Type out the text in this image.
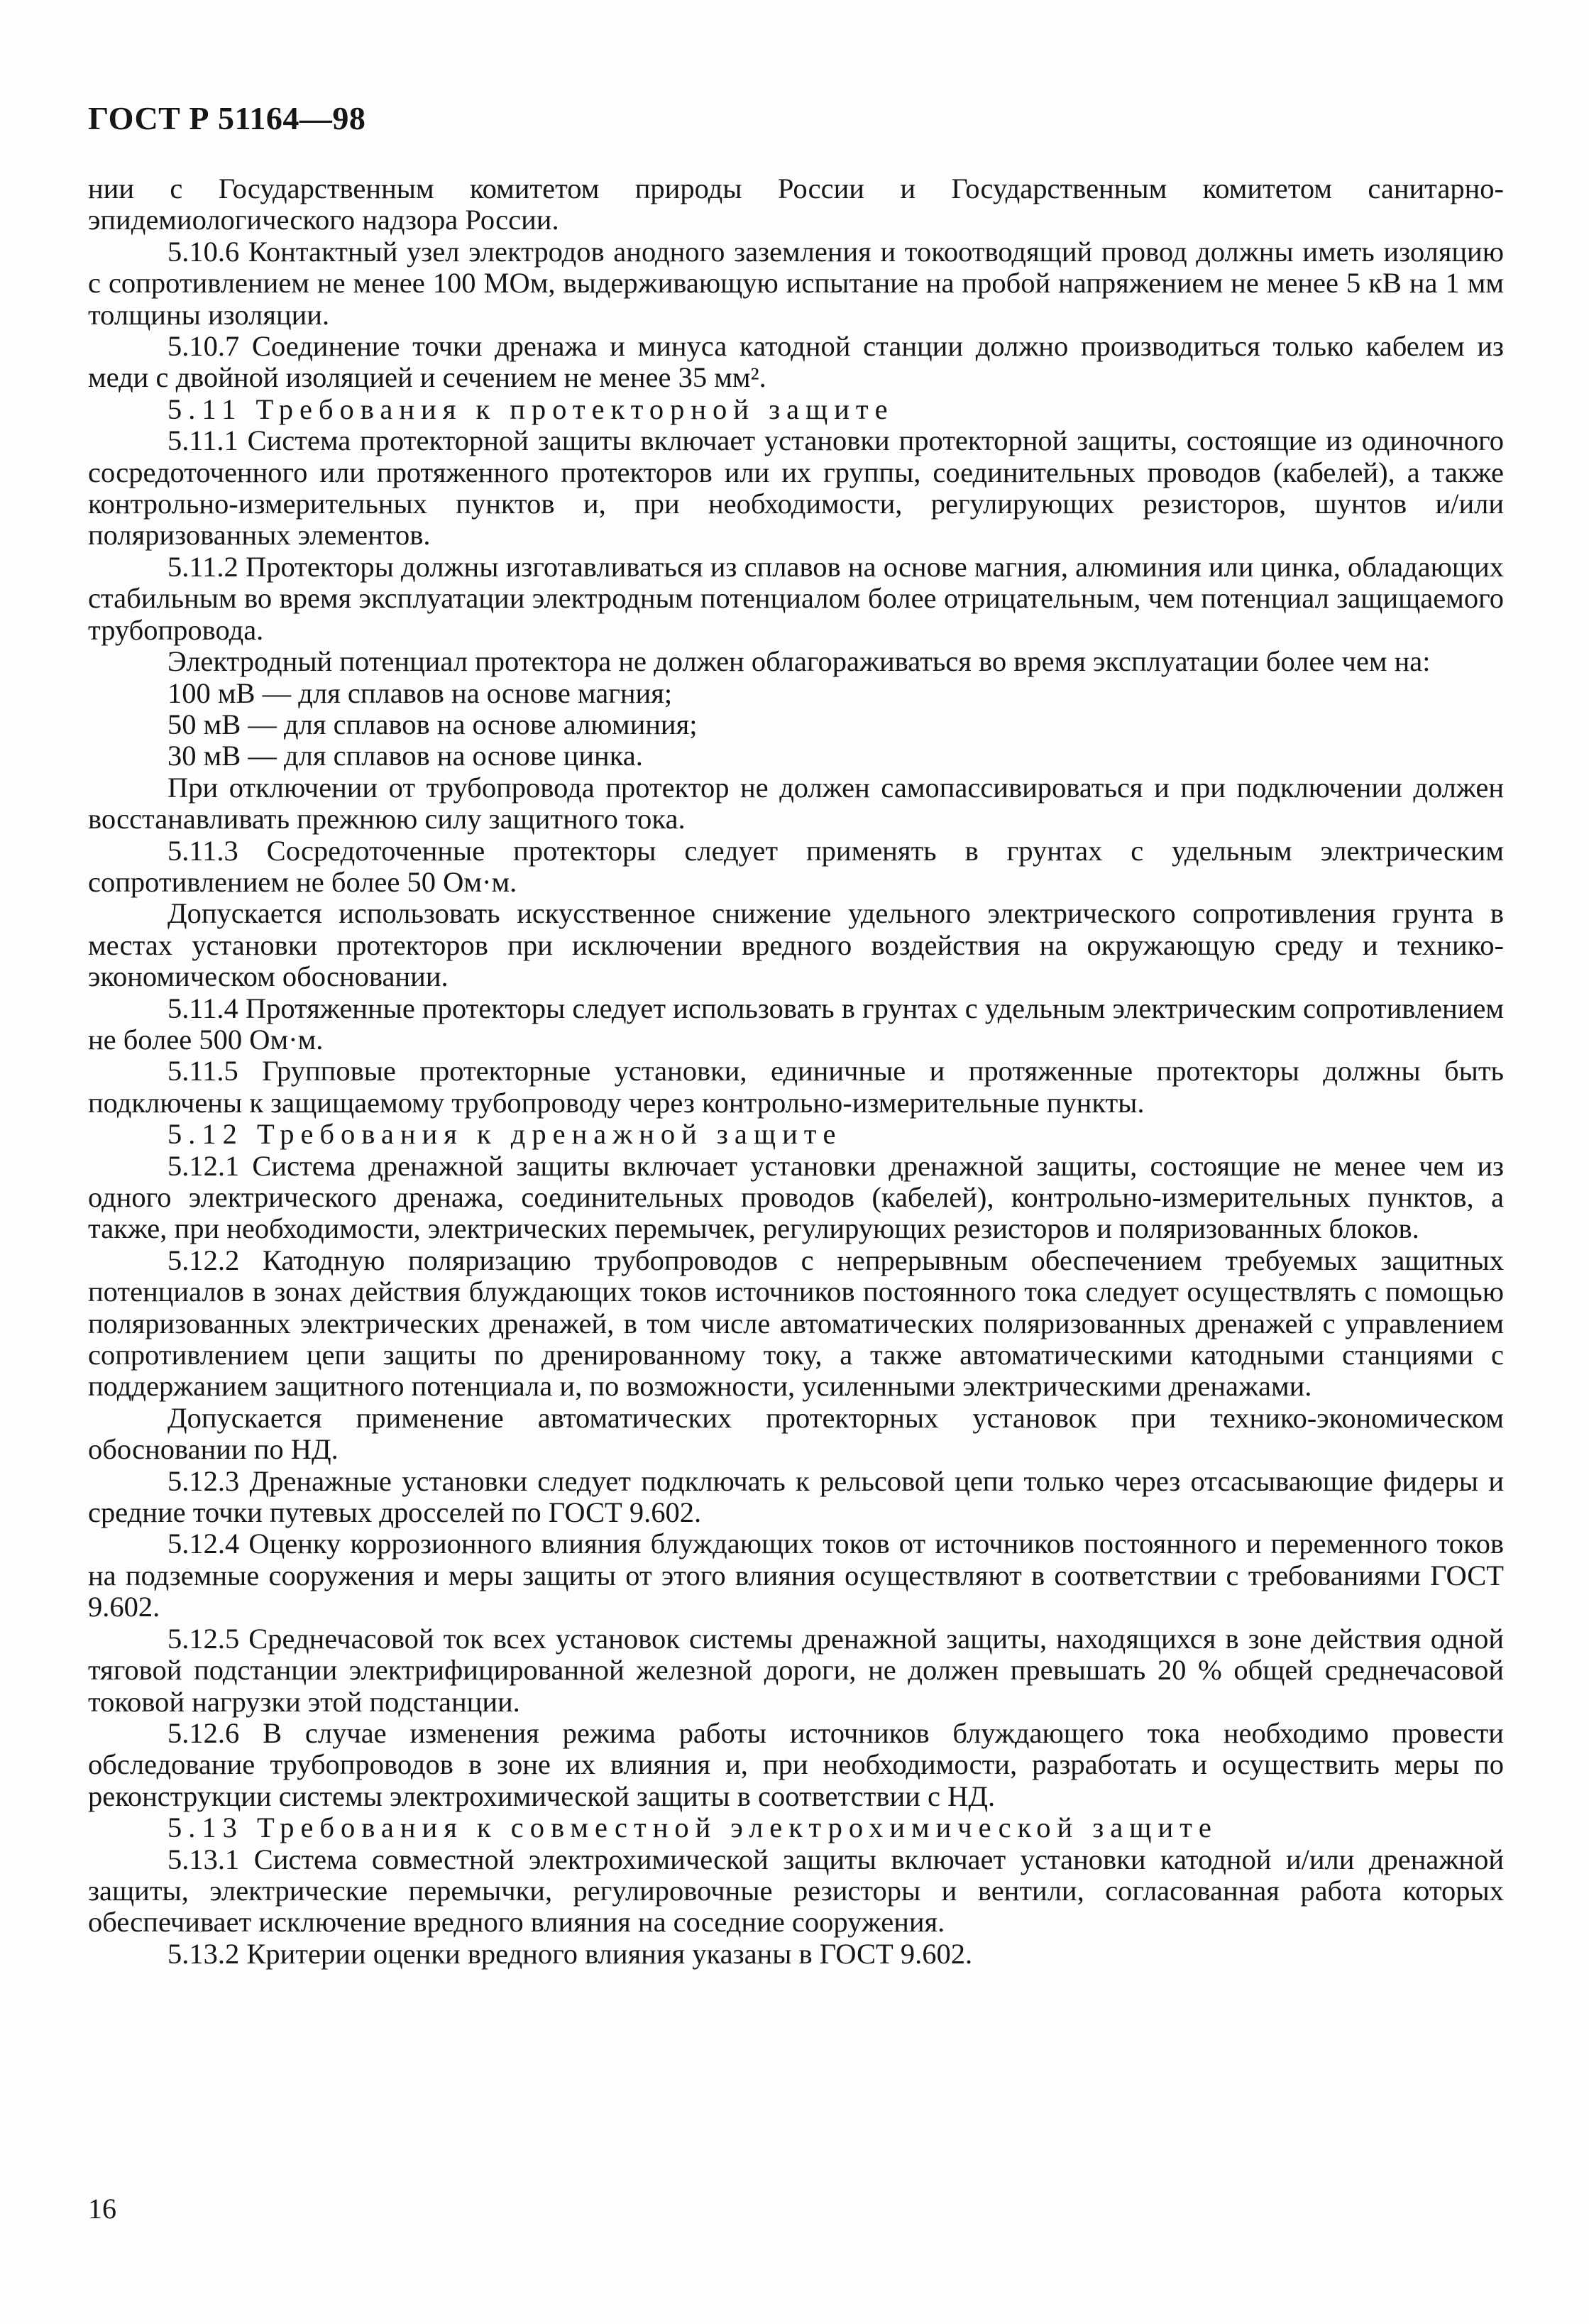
ГОСТ Р 51164—98

нии с Государственным комитетом природы России и Государственным комитетом санитарно-эпидемиологического надзора России.

5.10.6 Контактный узел электродов анодного заземления и токоотводящий провод должны иметь изоляцию с сопротивлением не менее 100 МОм, выдерживающую испытание на пробой напряжением не менее 5 кВ на 1 мм толщины изоляции.

5.10.7 Соединение точки дренажа и минуса катодной станции должно производиться только кабелем из меди с двойной изоляцией и сечением не менее 35 мм².

5.11 Требования к протекторной защите

5.11.1 Система протекторной защиты включает установки протекторной защиты, состоящие из одиночного сосредоточенного или протяженного протекторов или их группы, соединительных проводов (кабелей), а также контрольно-измерительных пунктов и, при необходимости, регулирующих резисторов, шунтов и/или поляризованных элементов.

5.11.2 Протекторы должны изготавливаться из сплавов на основе магния, алюминия или цинка, обладающих стабильным во время эксплуатации электродным потенциалом более отрицательным, чем потенциал защищаемого трубопровода.

Электродный потенциал протектора не должен облагораживаться во время эксплуатации более чем на:

100 мВ — для сплавов на основе магния;

50 мВ — для сплавов на основе алюминия;

30 мВ — для сплавов на основе цинка.

При отключении от трубопровода протектор не должен самопассивироваться и при подключении должен восстанавливать прежнюю силу защитного тока.

5.11.3 Сосредоточенные протекторы следует применять в грунтах с удельным электрическим сопротивлением не более 50 Ом·м.

Допускается использовать искусственное снижение удельного электрического сопротивления грунта в местах установки протекторов при исключении вредного воздействия на окружающую среду и технико-экономическом обосновании.

5.11.4 Протяженные протекторы следует использовать в грунтах с удельным электрическим сопротивлением не более 500 Ом·м.

5.11.5 Групповые протекторные установки, единичные и протяженные протекторы должны быть подключены к защищаемому трубопроводу через контрольно-измерительные пункты.

5.12 Требования к дренажной защите

5.12.1 Система дренажной защиты включает установки дренажной защиты, состоящие не менее чем из одного электрического дренажа, соединительных проводов (кабелей), контрольно-измерительных пунктов, а также, при необходимости, электрических перемычек, регулирующих резисторов и поляризованных блоков.

5.12.2 Катодную поляризацию трубопроводов с непрерывным обеспечением требуемых защитных потенциалов в зонах действия блуждающих токов источников постоянного тока следует осуществлять с помощью поляризованных электрических дренажей, в том числе автоматических поляризованных дренажей с управлением сопротивлением цепи защиты по дренированному току, а также автоматическими катодными станциями с поддержанием защитного потенциала и, по возможности, усиленными электрическими дренажами.

Допускается применение автоматических протекторных установок при технико-экономическом обосновании по НД.

5.12.3 Дренажные установки следует подключать к рельсовой цепи только через отсасывающие фидеры и средние точки путевых дросселей по ГОСТ 9.602.

5.12.4 Оценку коррозионного влияния блуждающих токов от источников постоянного и переменного токов на подземные сооружения и меры защиты от этого влияния осуществляют в соответствии с требованиями ГОСТ 9.602.

5.12.5 Среднечасовой ток всех установок системы дренажной защиты, находящихся в зоне действия одной тяговой подстанции электрифицированной железной дороги, не должен превышать 20 % общей среднечасовой токовой нагрузки этой подстанции.

5.12.6 В случае изменения режима работы источников блуждающего тока необходимо провести обследование трубопроводов в зоне их влияния и, при необходимости, разработать и осуществить меры по реконструкции системы электрохимической защиты в соответствии с НД.

5.13 Требования к совместной электрохимической защите

5.13.1 Система совместной электрохимической защиты включает установки катодной и/или дренажной защиты, электрические перемычки, регулировочные резисторы и вентили, согласованная работа которых обеспечивает исключение вредного влияния на соседние сооружения.

5.13.2 Критерии оценки вредного влияния указаны в ГОСТ 9.602.

16
